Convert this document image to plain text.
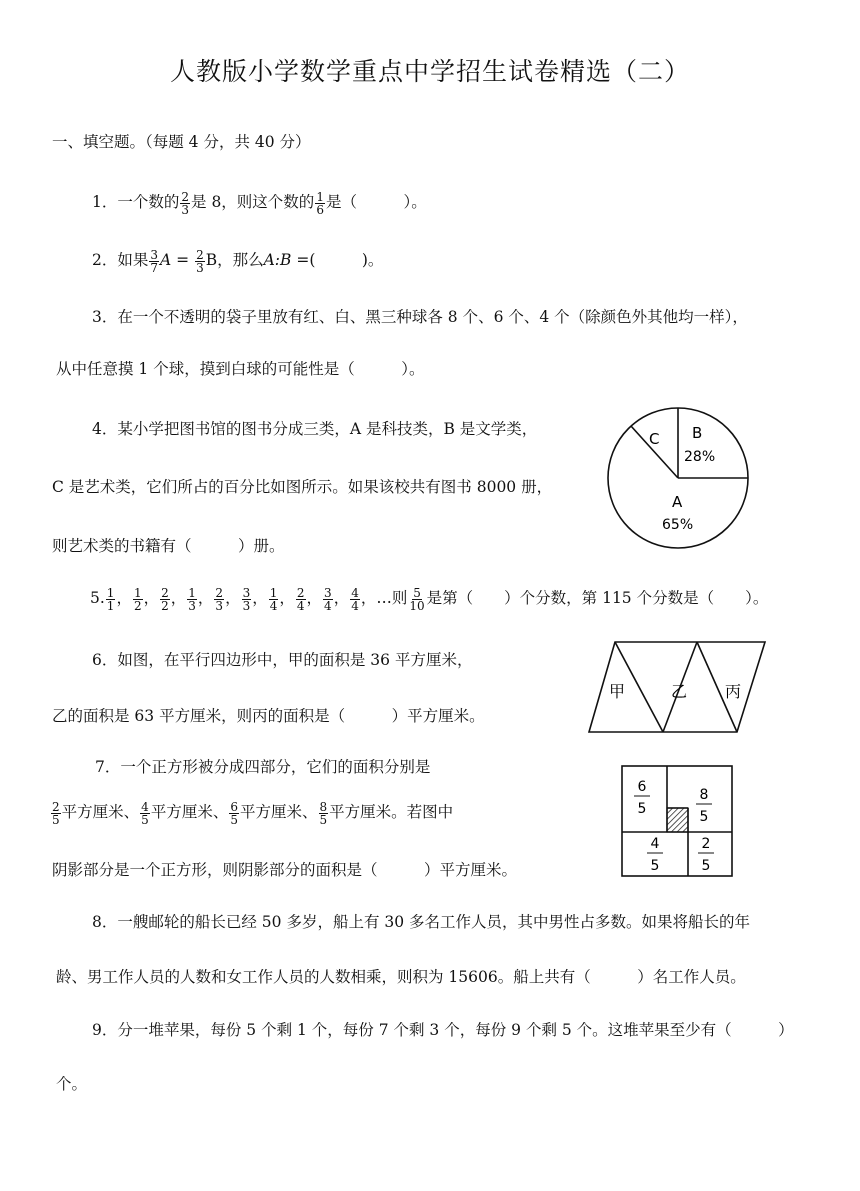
人教版小学数学重点中学招生试卷精选（二）
一、填空题。（每题 4 分，共 40 分）
1．一个数的 $\frac{2}{3}$ 是 8，则这个数的 $\frac{1}{6}$ 是（　　　）。
2．如果 $\frac{3}{7}$ $A = \frac{2}{3}$ B，那么A:B =(　　　)。
3．在一个不透明的袋子里放有红、白、黑三种球各 8 个、6 个、4 个（除颜色外其他均一样），
从中任意摸 1 个球，摸到白球的可能性是（　　　）。
4．某小学把图书馆的图书分成三类，A 是科技类，B 是文学类，
C 是艺术类，它们所占的百分比如图所示。如果该校共有图书 8000 册，
则艺术类的书籍有（　　　）册。
C B
28%
A
65%
5. $\frac{1}{1}$ ， $\frac{1}{2}$ ， $\frac{2}{2}$ ， $\frac{1}{3}$ ， $\frac{2}{3}$ ， $\frac{3}{3}$ ， $\frac{1}{4}$ ， $\frac{2}{4}$ ， $\frac{3}{4}$ ， $\frac{4}{4}$ ，…则 $\frac{5}{10}$ 是第（　　）个分数，第 115 个分数是（　　）。
6．如图，在平行四边形中，甲的面积是 36 平方厘米，
乙的面积是 63 平方厘米，则丙的面积是（　　　）平方厘米。
甲	乙 丙
7．一个正方形被分成四部分，它们的面积分别是
$\frac{2}{5}$ 平方厘米、 $\frac{4}{5}$ 平方厘米、 $\frac{6}{5}$ 平方厘米、 $\frac{8}{5}$ 平方厘米。若图中
阴影部分是一个正方形，则阴影部分的面积是（　　　）平方厘米。
6
5
8
5
4
5
2
5
8．一艘邮轮的船长已经 50 多岁，船上有 30 多名工作人员，其中男性占多数。如果将船长的年
龄、男工作人员的人数和女工作人员的人数相乘，则积为 15606。船上共有（　　　）名工作人员。
9．分一堆苹果，每份 5 个剩 1 个，每份 7 个剩 3 个，每份 9 个剩 5 个。这堆苹果至少有（　　　）
个。
